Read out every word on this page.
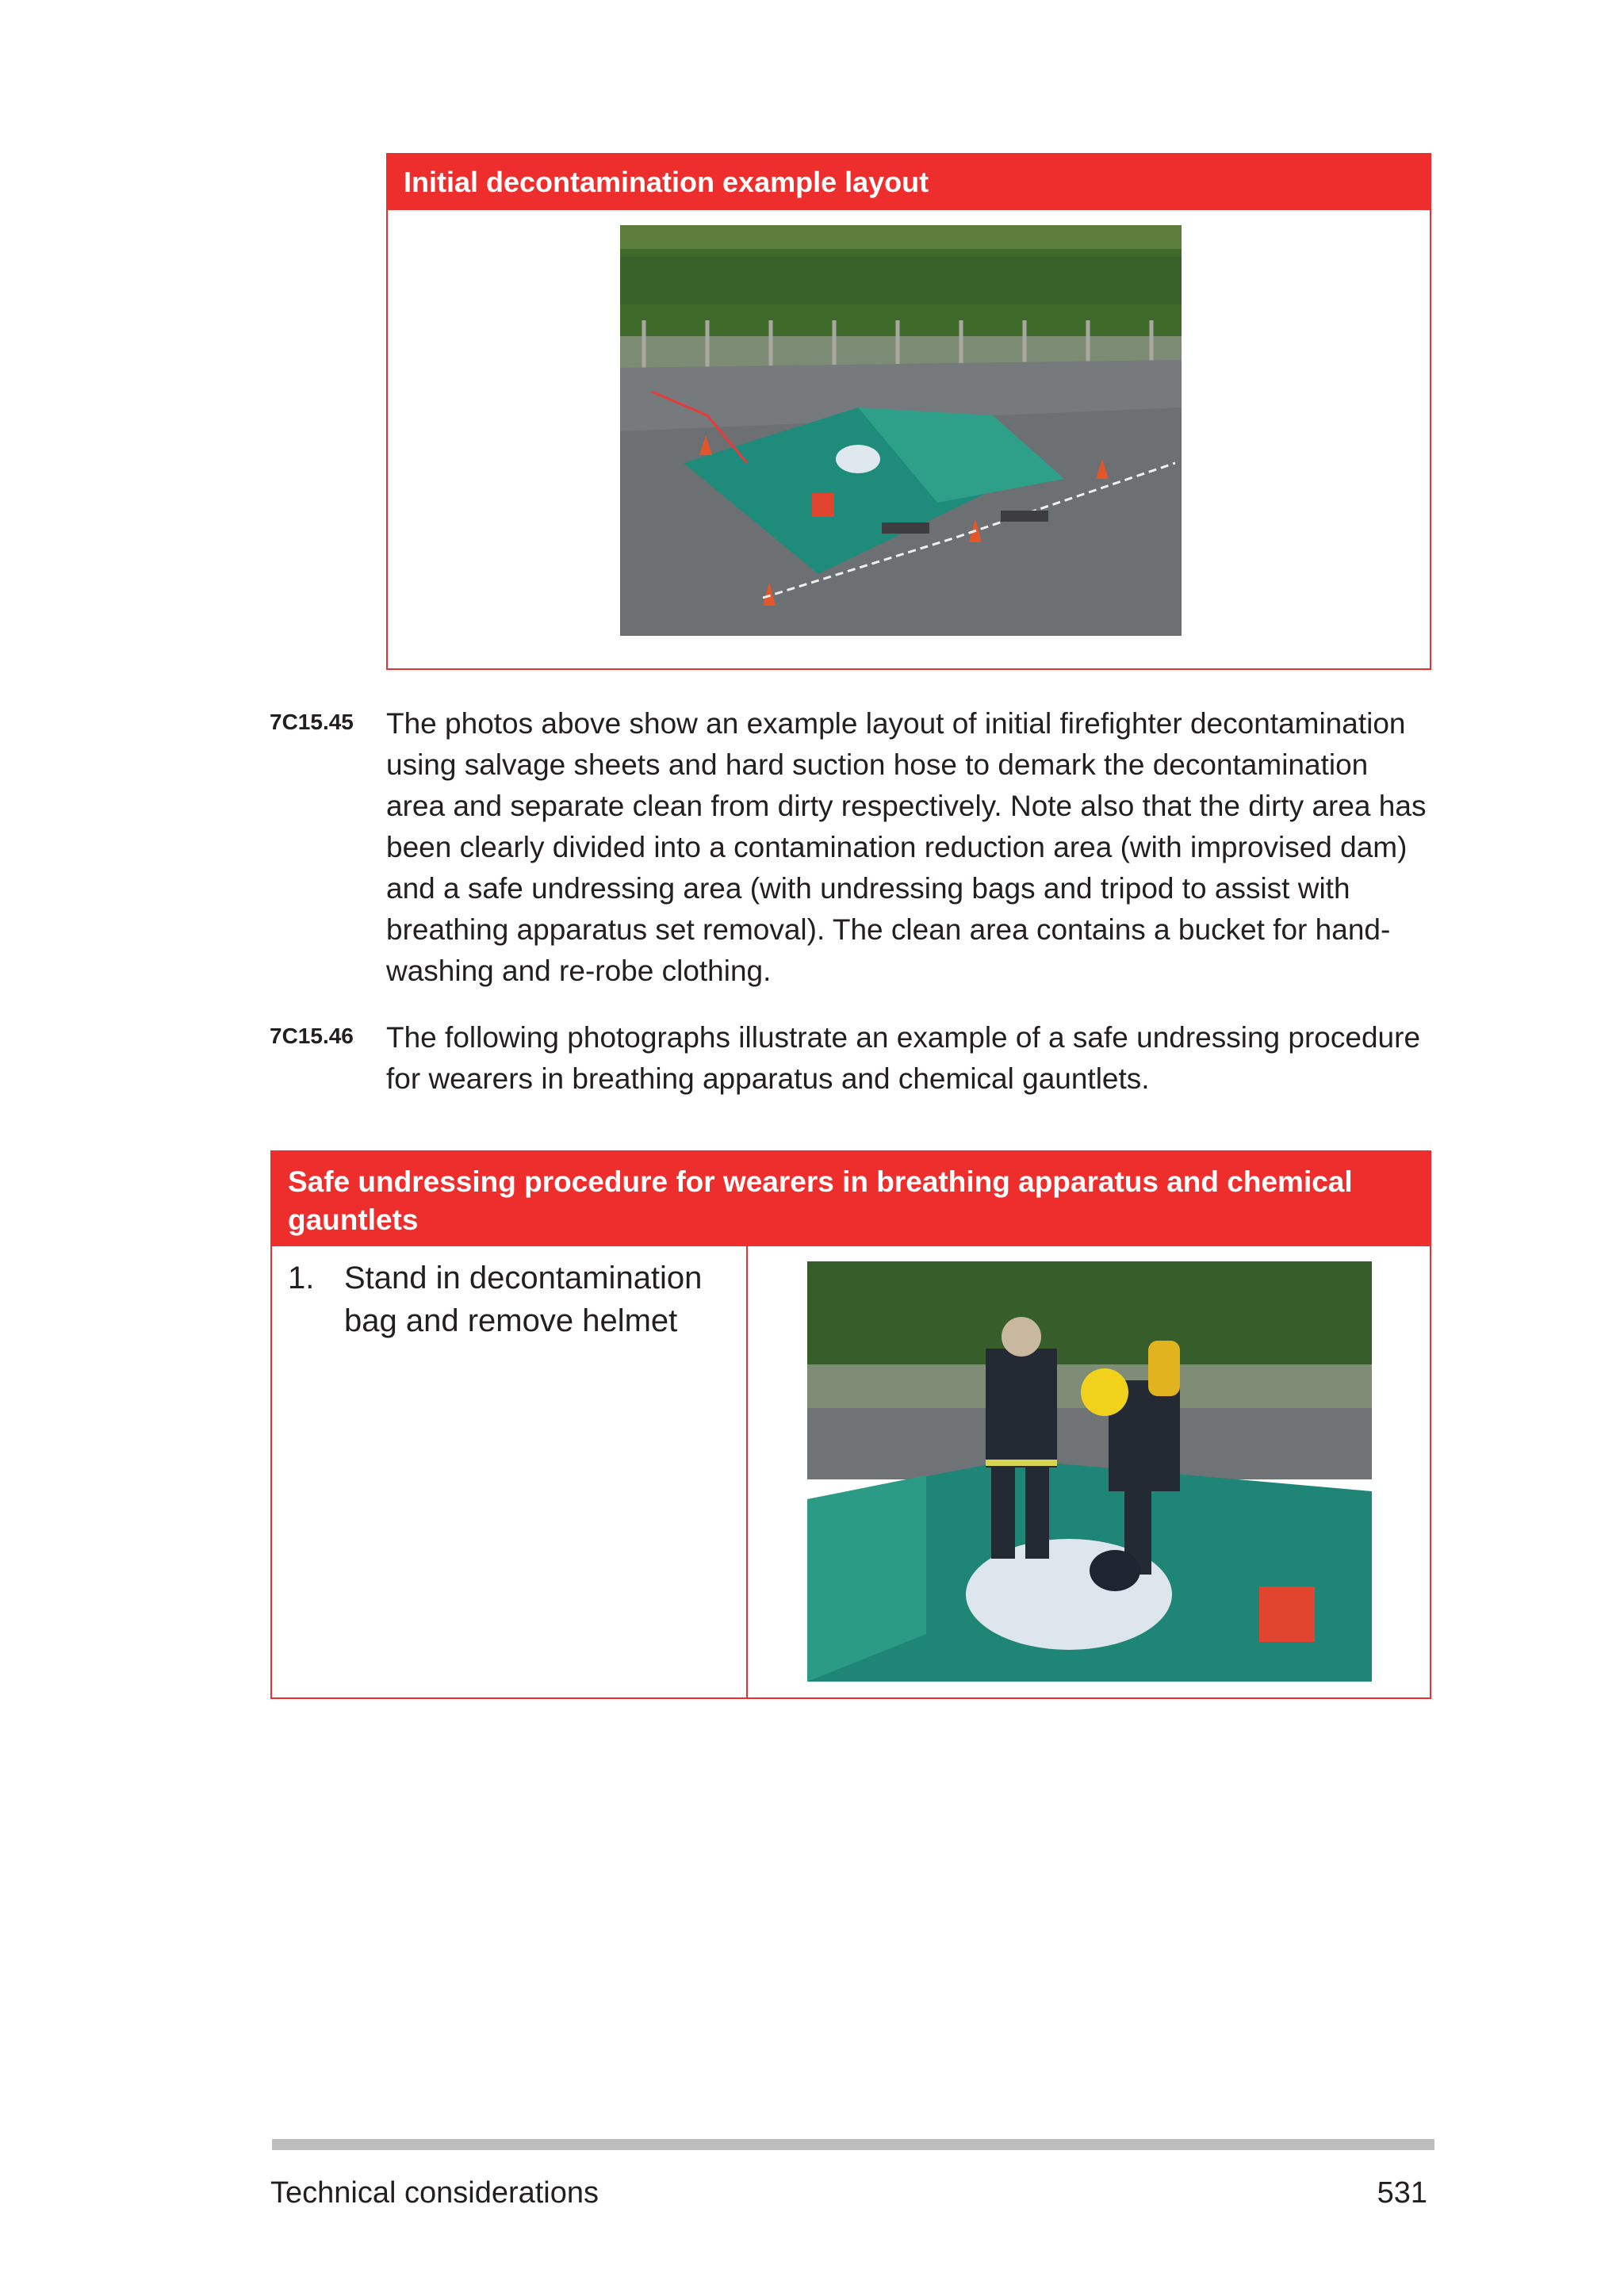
Initial decontamination example layout
7C15.45 The photos above show an example layout of initial firefighter decontamination using salvage sheets and hard suction hose to demark the decontamination area and separate clean from dirty respectively. Note also that the dirty area has been clearly divided into a contamination reduction area (with improvised dam) and a safe undressing area (with undressing bags and tripod to assist with breathing apparatus set removal). The clean area contains a bucket for hand-washing and re-robe clothing.

7C15.46 The following photographs illustrate an example of a safe undressing procedure for wearers in breathing apparatus and chemical gauntlets.

Safe undressing procedure for wearers in breathing apparatus and chemical gauntlets
1. Stand in decontamination bag and remove helmet
Technical considerations	531
